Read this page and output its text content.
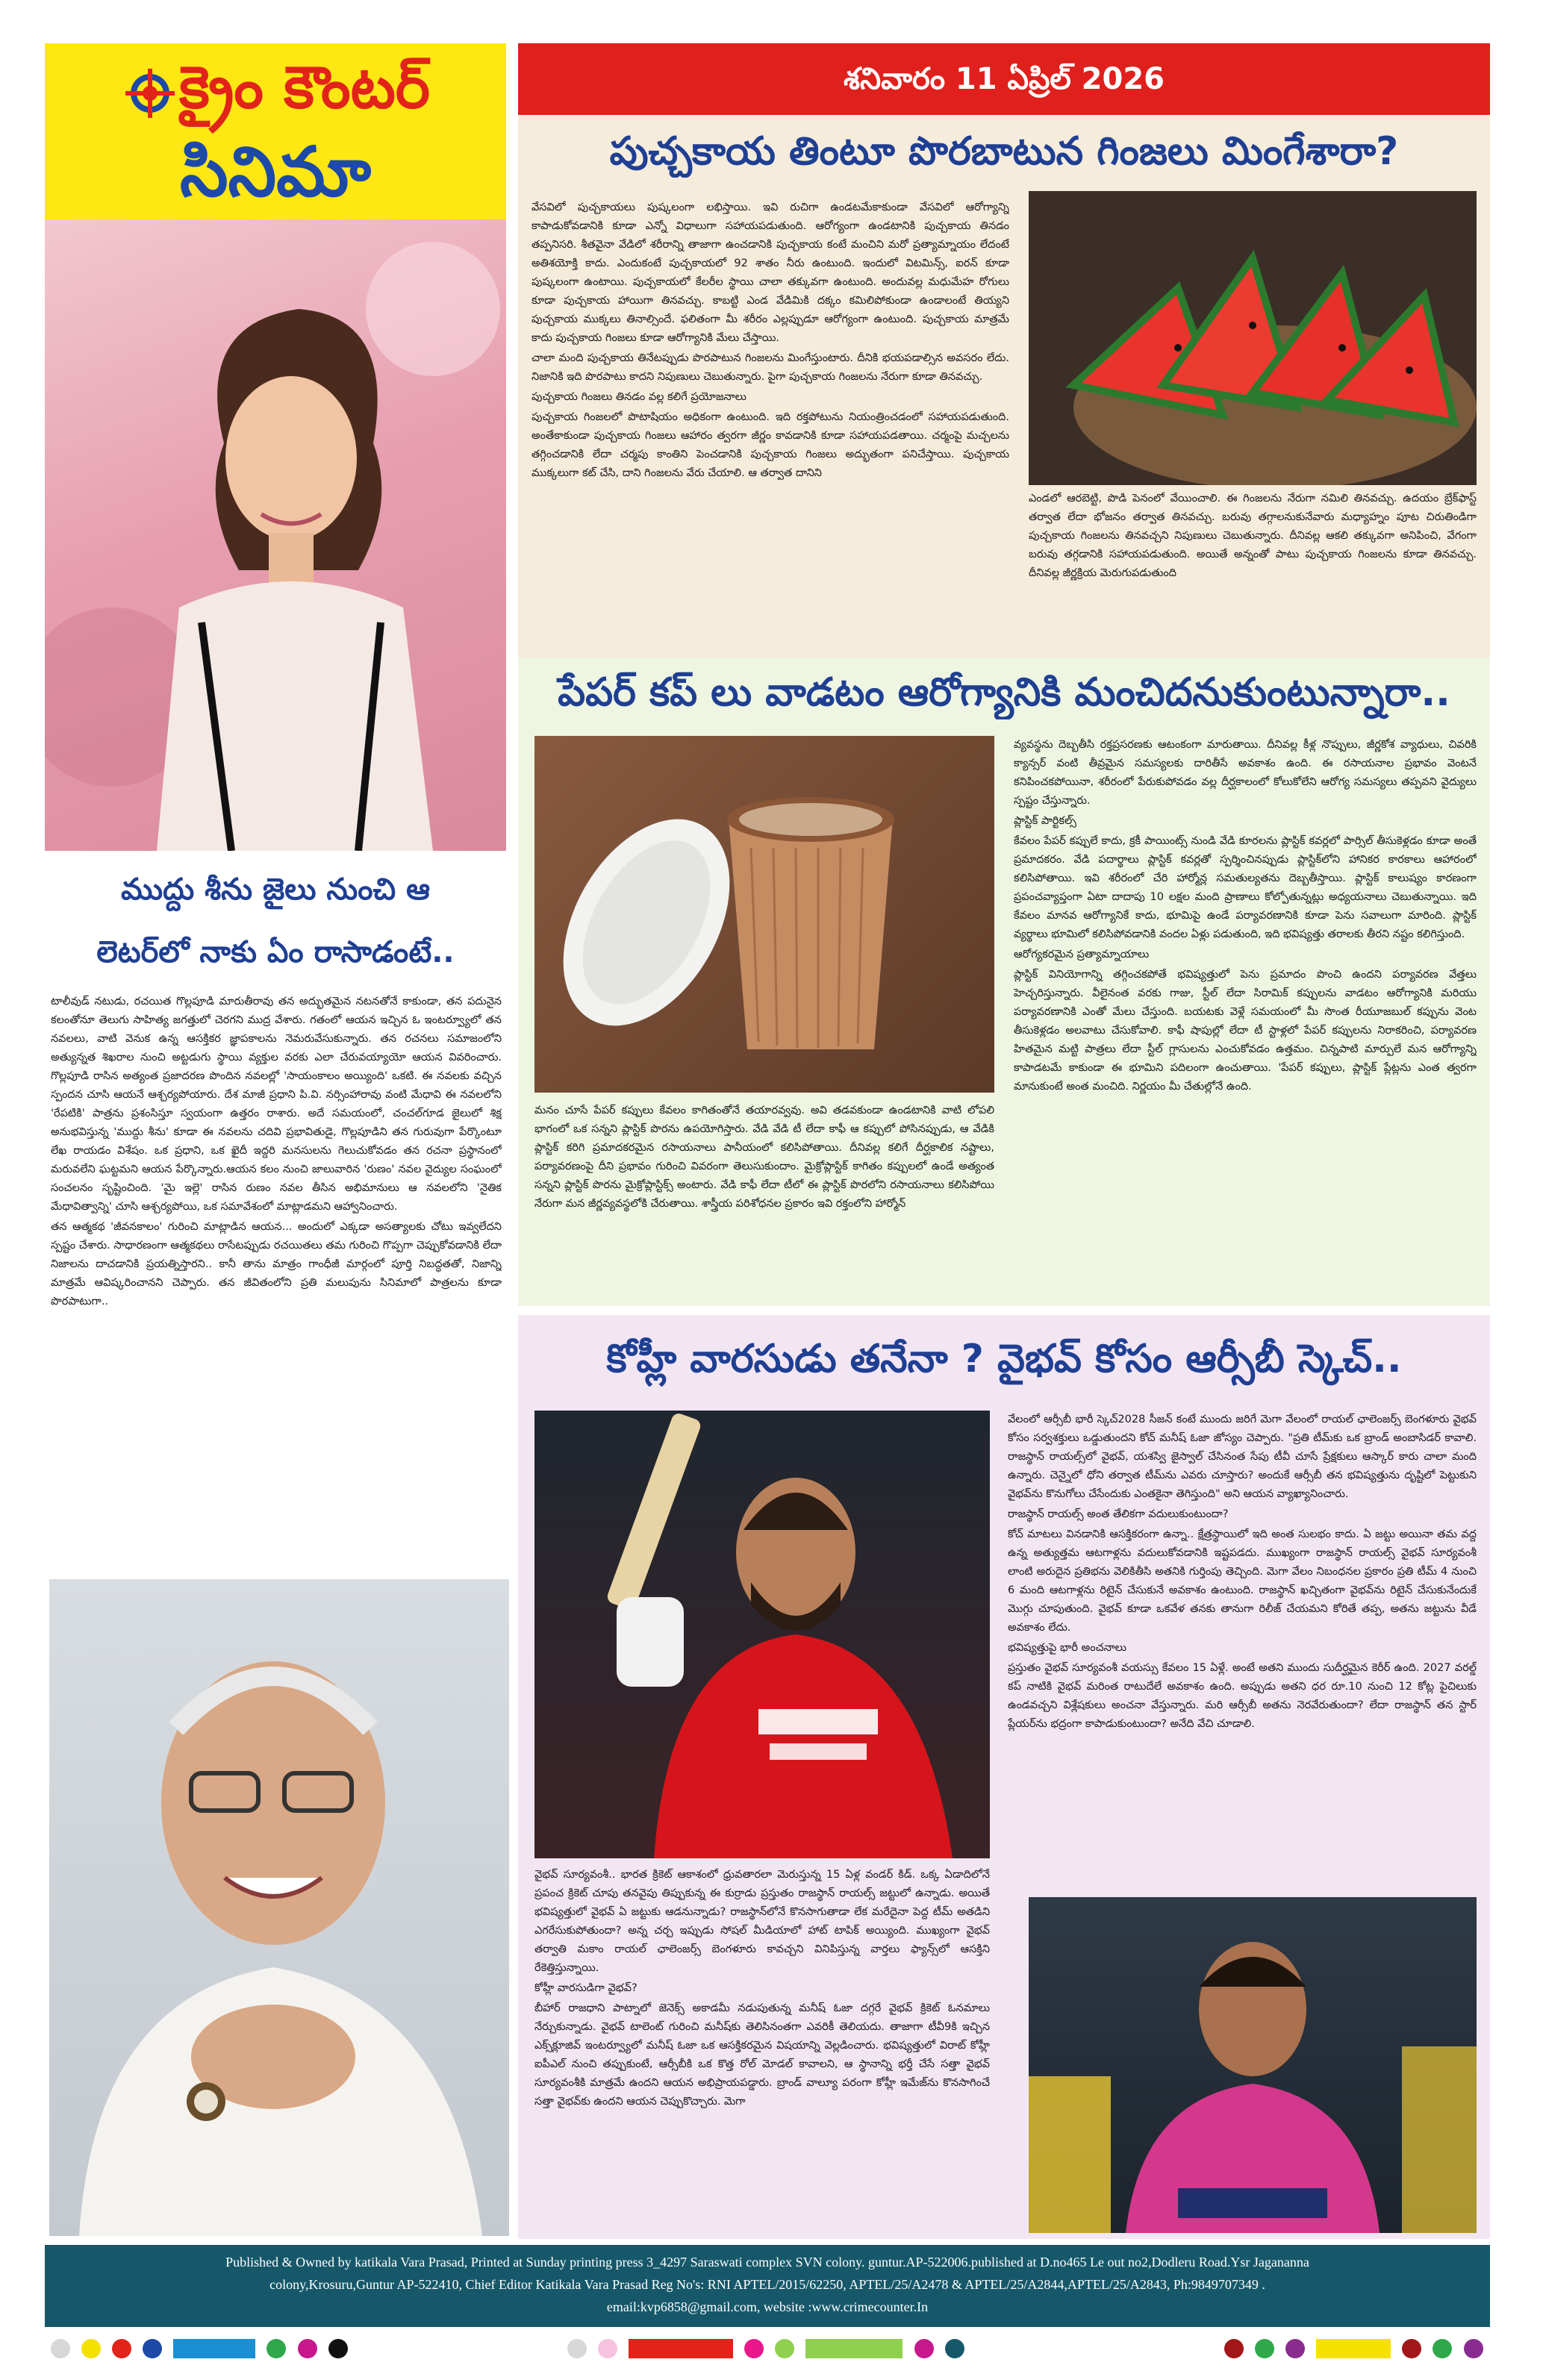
క్రైం కౌంటర్
సినిమా
శనివారం 11 ఏప్రిల్ 2026
ముద్దు శీను జైలు నుంచి ఆ
లెటర్‌లో నాకు ఏం రాసాడంటే..

టాలీవుడ్ నటుడు, రచయిత గొల్లపూడి మారుతీరావు తన అద్భుతమైన నటనతోనే కాకుండా, తన పదునైన కలంతోనూ తెలుగు సాహిత్య జగత్తులో చెరగని ముద్ర వేశారు. గతంలో ఆయన ఇచ్చిన ఓ ఇంటర్వ్యూలో తన నవలలు, వాటి వెనుక ఉన్న ఆసక్తికర జ్ఞాపకాలను నెమరువేసుకున్నారు. తన రచనలు సమాజంలోని అత్యున్నత శిఖరాల నుంచి అట్టడుగు స్థాయి వ్యక్తుల వరకు ఎలా చేరువయ్యాయో ఆయన వివరించారు. గొల్లపూడి రాసిన అత్యంత ప్రజాదరణ పొందిన నవలల్లో 'సాయంకాలం అయ్యింది' ఒకటి. ఈ నవలకు వచ్చిన స్పందన చూసి ఆయనే ఆశ్చర్యపోయారు. దేశ మాజీ ప్రధాని పి.వి. నర్సింహారావు వంటి మేధావి ఈ నవలలోని 'రేపటికి' పాత్రను ప్రశంసిస్తూ స్వయంగా ఉత్తరం రాశారు. అదే సమయంలో, చంచల్‌గూడ జైలులో శిక్ష అనుభవిస్తున్న 'ముద్దు శీను' కూడా ఈ నవలను చదివి ప్రభావితుడై, గొల్లపూడిని తన గురువుగా పేర్కొంటూ లేఖ రాయడం విశేషం. ఒక ప్రధాని, ఒక ఖైదీ ఇద్దరి మనసులను గెలుచుకోవడం తన రచనా ప్రస్థానంలో మరువలేని ఘట్టమని ఆయన పేర్కొన్నారు.ఆయన కలం నుంచి జాలువారిన 'రుణం' నవల వైద్యుల సంఘంలో సంచలనం సృష్టించింది. 'మై ఇల్లె' రాసిన రుణం నవల తీసిన అభిమానులు ఆ నవలలోని 'నైతిక మేధావిత్వాన్ని' చూసి ఆశ్చర్యపోయి, ఒక సమావేశంలో మాట్లాడమని ఆహ్వానించారు.

తన ఆత్మకథ 'జీవనకాలం' గురించి మాట్లాడిన ఆయన... అందులో ఎక్కడా అసత్యాలకు చోటు ఇవ్వలేదని స్పష్టం చేశారు. సాధారణంగా ఆత్మకథలు రాసేటప్పుడు రచయితలు తమ గురించి గొప్పగా చెప్పుకోవడానికి లేదా నిజాలను దాచడానికి ప్రయత్నిస్తారని.. కానీ తాను మాత్రం గాంధీజీ మార్గంలో పూర్తి నిబద్ధతతో, నిజాన్ని మాత్రమే ఆవిష్కరించానని చెప్పారు. తన జీవితంలోని ప్రతి మలుపును సినిమాలో పాత్రలను కూడా పొరపాటుగా..

పుచ్చకాయ తింటూ పొరబాటున గింజలు మింగేశారా?

వేసవిలో పుచ్చకాయలు పుష్కలంగా లభిస్తాయి. ఇవి రుచిగా ఉండటమేకాకుండా వేసవిలో ఆరోగ్యాన్ని కాపాడుకోవడానికి కూడా ఎన్నో విధాలుగా సహాయపడుతుంది. ఆరోగ్యంగా ఉండటానికి పుచ్చకాయ తినడం తప్పనిసరి. శీతవైనా వేడిలో శరీరాన్ని తాజాగా ఉంచడానికి పుచ్చకాయ కంటే మంచిని మరో ప్రత్యామ్నాయం లేదంటే అతిశయోక్తి కాదు. ఎందుకంటే పుచ్చకాయలో 92 శాతం నీరు ఉంటుంది. ఇందులో విటమిన్స్, ఐరన్ కూడా పుష్కలంగా ఉంటాయి. పుచ్చకాయలో కేలరీల స్థాయి చాలా తక్కువగా ఉంటుంది. అందువల్ల మధుమేహ రోగులు కూడా పుచ్చకాయ హాయిగా తినవచ్చు. కాబట్టి ఎండ వేడిమికి దక్కం కమిలిపోకుండా ఉండాలంటే తియ్యని పుచ్చకాయ ముక్కలు తినాల్సిందే. ఫలితంగా మీ శరీరం ఎల్లప్పుడూ ఆరోగ్యంగా ఉంటుంది. పుచ్చకాయ మాత్రమే కాదు పుచ్చకాయ గింజలు కూడా ఆరోగ్యానికి మేలు చేస్తాయి.

చాలా మంది పుచ్చకాయ తినేటప్పుడు పొరపాటున గింజలను మింగేస్తుంటారు. దీనికి భయపడాల్సిన అవసరం లేదు. నిజానికి ఇది పొరపాటు కాదని నిపుణులు చెబుతున్నారు. పైగా పుచ్చకాయ గింజలను నేరుగా కూడా తినవచ్చు.

పుచ్చకాయ గింజలు తినడం వల్ల కలిగే ప్రయోజనాలు

పుచ్చకాయ గింజలలో పొటాషియం అధికంగా ఉంటుంది. ఇది రక్తపోటును నియంత్రించడంలో సహాయపడుతుంది. అంతేకాకుండా పుచ్చకాయ గింజలు ఆహారం త్వరగా జీర్ణం కావడానికి కూడా సహాయపడతాయి. చర్మంపై మచ్చలను తగ్గించడానికి లేదా చర్మపు కాంతిని పెంచడానికి పుచ్చకాయ గింజలు అద్భుతంగా పనిచేస్తాయి. పుచ్చకాయ ముక్కలుగా కట్ చేసి, దాని గింజలను వేరు చేయాలి. ఆ తర్వాత దానిని

ఎండలో ఆరబెట్టి, పొడి పెనంలో వేయించాలి. ఈ గింజలను నేరుగా నమిలి తినవచ్చు. ఉదయం బ్రేక్‌ఫాస్ట్ తర్వాత లేదా భోజనం తర్వాత తినవచ్చు. బరువు తగ్గాలనుకునేవారు మధ్యాహ్నం పూట చిరుతిండిగా పుచ్చకాయ గింజలను తినవచ్చని నిపుణులు చెబుతున్నారు. దీనివల్ల ఆకలి తక్కువగా అనిపించి, వేగంగా బరువు తగ్గడానికి సహాయపడుతుంది. అయితే అన్నంతో పాటు పుచ్చకాయ గింజలను కూడా తినవచ్చు. దీనివల్ల జీర్ణక్రియ మెరుగుపడుతుంది

పేపర్ కప్ లు వాడటం ఆరోగ్యానికి మంచిదనుకుంటున్నారా..

మనం చూసే పేపర్ కప్పులు కేవలం కాగితంతోనే తయారవ్వవు. అవి తడవకుండా ఉండటానికి వాటి లోపలి భాగంలో ఒక సన్నని ప్లాస్టిక్ పొరను ఉపయోగిస్తారు. వేడి వేడి టీ లేదా కాఫీ ఆ కప్పులో పోసినప్పుడు, ఆ వేడికి ప్లాస్టిక్ కరిగి ప్రమాదకరమైన రసాయనాలు పానీయంలో కలిసిపోతాయి. దీనివల్ల కలిగే దీర్ఘకాలిక నష్టాలు, పర్యావరణంపై దీని ప్రభావం గురించి వివరంగా తెలుసుకుందాం. మైక్రోప్లాస్టిక్ కాగితం కప్పులలో ఉండే అత్యంత సన్నని ప్లాస్టిక్ పొరను మైక్రోప్లాస్టిక్స్ అంటారు. వేడి కాఫీ లేదా టీలో ఈ ప్లాస్టిక్ పొరలోని రసాయనాలు కలిసిపోయి నేరుగా మన జీర్ణవ్యవస్థలోకి చేరుతాయి. శాస్త్రీయ పరిశోధనల ప్రకారం ఇవి రక్తంలోని హార్మోన్

వ్యవస్థను దెబ్బతీసి రక్తప్రసరణకు ఆటంకంగా మారుతాయి. దీనివల్ల కీళ్ల నొప్పులు, జీర్ణకోశ వ్యాధులు, చివరికి క్యాన్సర్ వంటి తీవ్రమైన సమస్యలకు దారితీసే అవకాశం ఉంది. ఈ రసాయనాల ప్రభావం వెంటనే కనిపించకపోయినా, శరీరంలో పేరుకుపోవడం వల్ల దీర్ఘకాలంలో కోలుకోలేని ఆరోగ్య సమస్యలు తప్పవని వైద్యులు స్పష్టం చేస్తున్నారు.

ప్లాస్టిక్ పార్టికల్స్

కేవలం పేపర్ కప్పులే కాదు, క్రకీ పాయింట్స్ నుండి వేడి కూరలను ప్లాస్టిక్ కవర్లలో పార్సిల్ తీసుకెళ్లడం కూడా అంతే ప్రమాదకరం. వేడి పదార్థాలు ప్లాస్టిక్ కవర్లతో స్పర్శించినప్పుడు ప్లాస్టిక్‌లోని హానికర కారకాలు ఆహారంలో కలిసిపోతాయి. ఇవి శరీరంలో చేరి హార్మోన్ల సమతుల్యతను దెబ్బతీస్తాయి. ప్లాస్టిక్ కాలుష్యం కారణంగా ప్రపంచవ్యాప్తంగా ఏటా దాదాపు 10 లక్షల మంది ప్రాణాలు కోల్పోతున్నట్లు అధ్యయనాలు చెబుతున్నాయి. ఇది కేవలం మానవ ఆరోగ్యానికే కాదు, భూమిపై ఉండే పర్యావరణానికి కూడా పెను సవాలుగా మారింది. ప్లాస్టిక్ వ్యర్థాలు భూమిలో కలిసిపోవడానికి వందల ఏళ్లు పడుతుంది, ఇది భవిష్యత్తు తరాలకు తీరని నష్టం కలిగిస్తుంది.

ఆరోగ్యకరమైన ప్రత్యామ్నాయాలు

ప్లాస్టిక్ వినియోగాన్ని తగ్గించకపోతే భవిష్యత్తులో పెను ప్రమాదం పొంచి ఉందని పర్యావరణ వేత్తలు హెచ్చరిస్తున్నారు. వీలైనంత వరకు గాజు, స్టీల్ లేదా సిరామిక్ కప్పులను వాడటం ఆరోగ్యానికి మరియు పర్యావరణానికి ఎంతో మేలు చేస్తుంది. బయటకు వెళ్లే సమయంలో మీ సొంత రీయూజబుల్ కప్పును వెంట తీసుకెళ్లడం అలవాటు చేసుకోవాలి. కాఫీ షాపుల్లో లేదా టీ స్టాళ్లలో పేపర్ కప్పులను నిరాకరించి, పర్యావరణ హితమైన మట్టి పాత్రలు లేదా స్టీల్ గ్లాసులను ఎంచుకోవడం ఉత్తమం. చిన్నపాటి మార్పులే మన ఆరోగ్యాన్ని కాపాడటమే కాకుండా ఈ భూమిని పదిలంగా ఉంచుతాయి. 'పేపర్ కప్పులు, ప్లాస్టిక్ ప్లేట్లను ఎంత త్వరగా మానుకుంటే అంత మంచిది. నిర్ణయం మీ చేతుల్లోనే ఉంది.

కోహ్లీ వారసుడు తనేనా ? వైభవ్ కోసం ఆర్సీబీ స్కెచ్..

వైభవ్ సూర్యవంశీ.. భారత క్రికెట్ ఆకాశంలో ధ్రువతారలా మెరుస్తున్న 15 ఏళ్ల వండర్ కిడ్. ఒక్క ఏడాదిలోనే ప్రపంచ క్రికెట్ చూపు తనవైపు తిప్పుకున్న ఈ కుర్రాడు ప్రస్తుతం రాజస్థాన్ రాయల్స్ జట్టులో ఉన్నాడు. అయితే భవిష్యత్తులో వైభవ్ ఏ జట్టుకు ఆడనున్నాడు? రాజస్థాన్‌లోనే కొనసాగుతాడా లేక మరేదైనా పెద్ద టీమ్ అతడిని ఎగరేసుకుపోతుందా? అన్న చర్చ ఇప్పుడు సోషల్ మీడియాలో హాట్ టాపిక్ అయ్యింది. ముఖ్యంగా వైభవ్ తర్వాతి మకాం రాయల్ ఛాలెంజర్స్ బెంగళూరు కావచ్చని వినిపిస్తున్న వార్తలు ఫ్యాన్స్‌లో ఆసక్తిని రేకెత్తిస్తున్నాయి.

కోహ్లీ వారసుడిగా వైభవ్?

బీహార్ రాజధాని పాట్నాలో జెనెక్స్ అకాడమీ నడుపుతున్న మనీష్ ఓజా దగ్గరే వైభవ్ క్రికెట్ ఓనమాలు నేర్చుకున్నాడు. వైభవ్ టాలెంట్ గురించి మనీష్‌కు తెలిసినంతగా ఎవరికీ తెలియదు. తాజాగా టీవీ9కి ఇచ్చిన ఎక్స్‌క్లూజివ్ ఇంటర్వ్యూలో మనీష్ ఓజా ఒక ఆసక్తికరమైన విషయాన్ని వెల్లడించారు. భవిష్యత్తులో విరాట్ కోహ్లీ ఐపీఎల్ నుంచి తప్పుకుంటే, ఆర్సీబీకి ఒక కొత్త రోల్ మోడల్ కావాలని, ఆ స్థానాన్ని భర్తీ చేసే సత్తా వైభవ్ సూర్యవంశీకి మాత్రమే ఉందని ఆయన అభిప్రాయపడ్డారు. బ్రాండ్ వాల్యూ పరంగా కోహ్లీ ఇమేజ్‌ను కొనసాగించే సత్తా వైభవ్‌కు ఉందని ఆయన చెప్పుకొచ్చారు. మెగా

వేలంలో ఆర్సీబీ భారీ స్కెచ్2028 సీజన్ కంటే ముందు జరిగే మెగా వేలంలో రాయల్ ఛాలెంజర్స్ బెంగళూరు వైభవ్ కోసం సర్వశక్తులు ఒడ్డుతుందని కోచ్ మనీష్ ఓజా జోస్యం చెప్పారు. "ప్రతి టీమ్‌కు ఒక బ్రాండ్ అంబాసిడర్ కావాలి. రాజస్థాన్ రాయల్స్‌లో వైభవ్, యశస్వి జైస్వాల్ చేసినంత సేపు టీవీ చూసే ప్రేక్షకులు ఆస్కార్ కారు చాలా మంది ఉన్నారు. చెన్నైలో ధోని తర్వాత టీమ్‌ను ఎవరు చూస్తారు? అందుకే ఆర్సీబీ తన భవిష్యత్తును దృష్టిలో పెట్టుకుని వైభవ్‌ను కొనుగోలు చేసేందుకు ఎంతకైనా తెగిస్తుంది" అని ఆయన వ్యాఖ్యానించారు.

రాజస్థాన్ రాయల్స్ అంత తేలికగా వదులుకుంటుందా?

కోచ్ మాటలు వినడానికి ఆసక్తికరంగా ఉన్నా.. క్షేత్రస్థాయిలో ఇది అంత సులభం కాదు. ఏ జట్టు అయినా తమ వద్ద ఉన్న అత్యుత్తమ ఆటగాళ్లను వదులుకోవడానికి ఇష్టపడదు. ముఖ్యంగా రాజస్థాన్ రాయల్స్ వైభవ్ సూర్యవంశీ లాంటి అరుదైన ప్రతిభను వెలికితీసి అతనికి గుర్తింపు తెచ్చింది. మెగా వేలం నిబంధనల ప్రకారం ప్రతి టీమ్ 4 నుంచి 6 మంది ఆటగాళ్లను రిటైన్ చేసుకునే అవకాశం ఉంటుంది. రాజస్థాన్ ఖచ్చితంగా వైభవ్‌ను రిటైన్ చేసుకునేందుకే మొగ్గు చూపుతుంది. వైభవ్ కూడా ఒకవేళ తనకు తానుగా రిలీజ్ చేయమని కోరితే తప్ప, అతను జట్టును వీడే అవకాశం లేదు.

భవిష్యత్తుపై భారీ అంచనాలు

ప్రస్తుతం వైభవ్ సూర్యవంశీ వయస్సు కేవలం 15 ఏళ్లే. అంటే అతని ముందు సుదీర్ఘమైన కెరీర్ ఉంది. 2027 వరల్డ్ కప్ నాటికి వైభవ్ మరింత రాటుదేలే అవకాశం ఉంది. అప్పుడు అతని ధర రూ.10 నుంచి 12 కోట్ల పైచిలుకు ఉండవచ్చని విశ్లేషకులు అంచనా వేస్తున్నారు. మరి ఆర్సీబీ అతను నెరవేరుతుందా? లేదా రాజస్థాన్ తన స్టార్ ప్లేయర్‌ను భద్రంగా కాపాడుకుంటుందా? అనేది వేచి చూడాలి.

Published & Owned by katikala Vara Prasad, Printed at Sunday printing press 3_4297 Saraswati complex SVN colony. guntur.AP-522006.published at D.no465 Le out no2,Dodleru Road.Ysr Jagananna
colony,Krosuru,Guntur AP-522410, Chief Editor Katikala Vara Prasad Reg No's: RNI APTEL/2015/62250, APTEL/25/A2478 & APTEL/25/A2844,APTEL/25/A2843, Ph:9849707349 .
email:kvp6858@gmail.com, website :www.crimecounter.In
